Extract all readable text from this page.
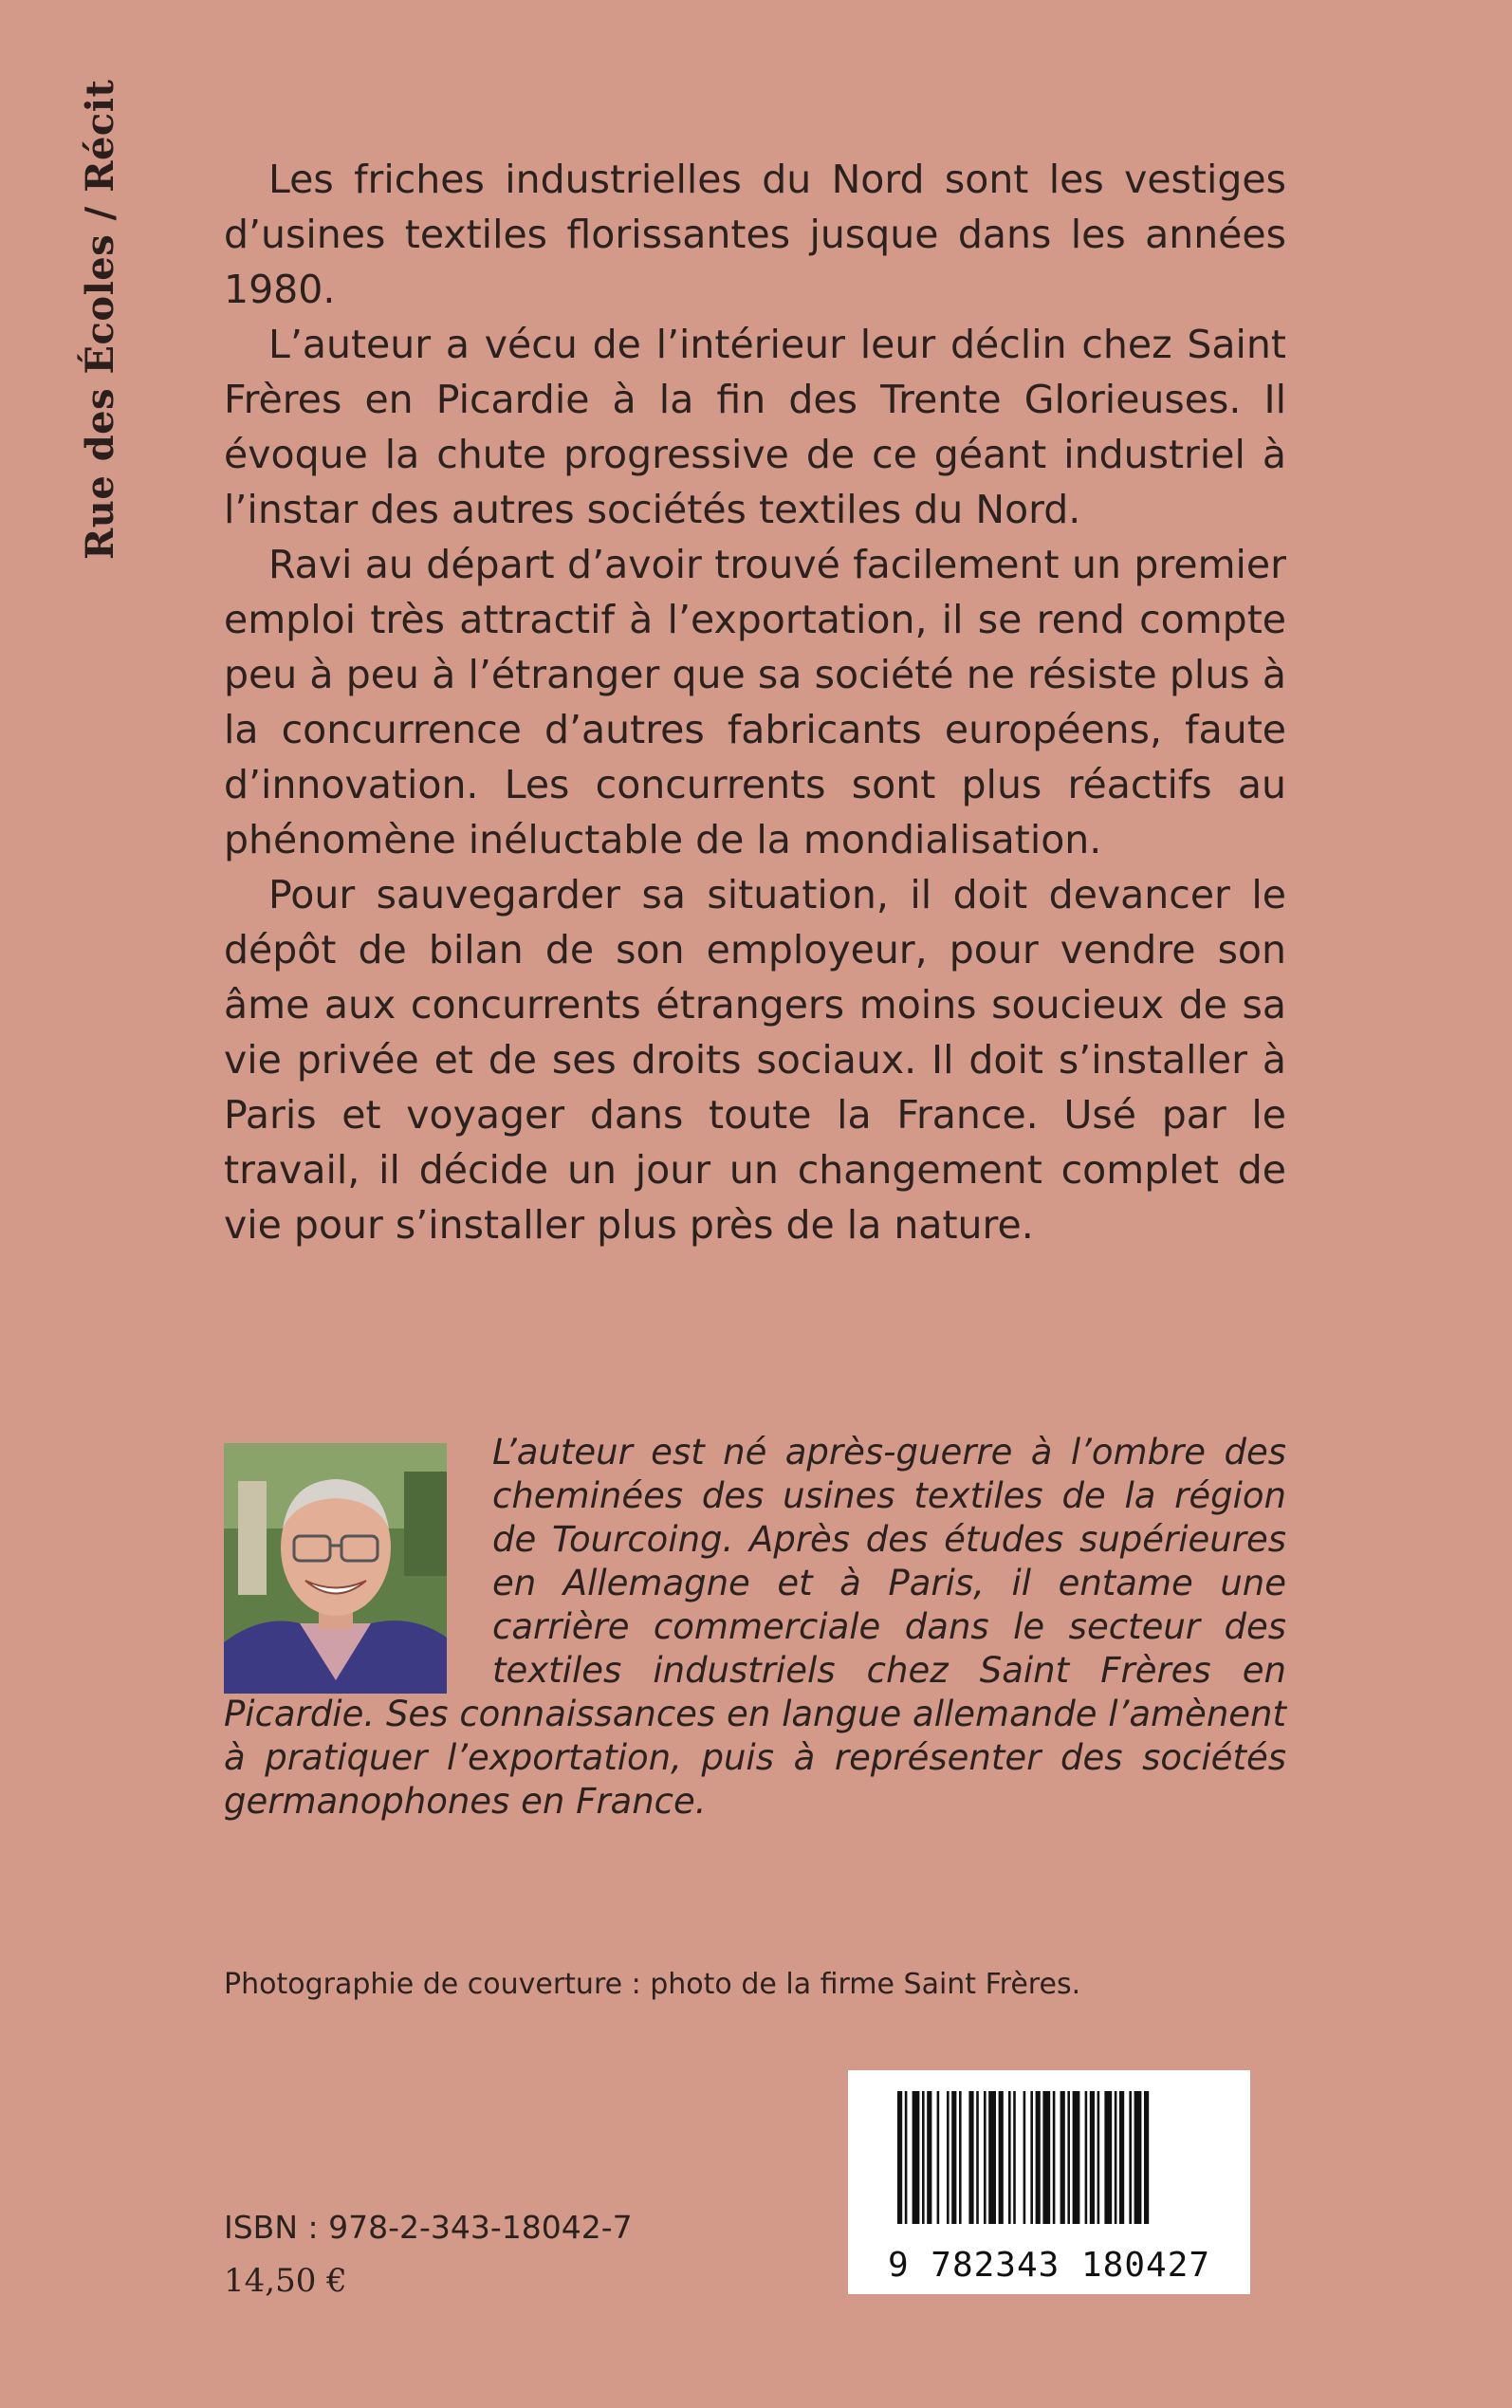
Rue des Écoles / Récit	Les friches industrielles du Nord sont les vestiges d’usines textiles florissantes jusque dans les années 1980.

L’auteur a vécu de l’intérieur leur déclin chez Saint Frères en Picardie à la fin des Trente Glorieuses. Il évoque la chute progressive de ce géant industriel à l’instar des autres sociétés textiles du Nord.

Ravi au départ d’avoir trouvé facilement un premier emploi très attractif à l’exportation, il se rend compte peu à peu à l’étranger que sa société ne résiste plus à la concurrence d’autres fabricants européens, faute d’innovation. Les concurrents sont plus réactifs au phénomène inéluctable de la mondialisation.

Pour sauvegarder sa situation, il doit devancer le dépôt de bilan de son employeur, pour vendre son âme aux concurrents étrangers moins soucieux de sa vie privée et de ses droits sociaux. Il doit s’installer à Paris et voyager dans toute la France. Usé par le travail, il décide un jour un changement complet de vie pour s’installer plus près de la nature.

L’auteur est né après-guerre à l’ombre des cheminées des usines textiles de la région de Tourcoing. Après des études supérieures en Allemagne et à Paris, il entame une carrière commerciale dans le secteur des textiles industriels chez Saint Frères en Picardie. Ses connaissances en langue allemande l’amènent à pratiquer l’exportation, puis à représenter des sociétés germanophones en France.
Photographie de couverture : photo de la firme Saint Frères.
ISBN : 978-2-343-18042-7
14,50 €	9 782343 180427
